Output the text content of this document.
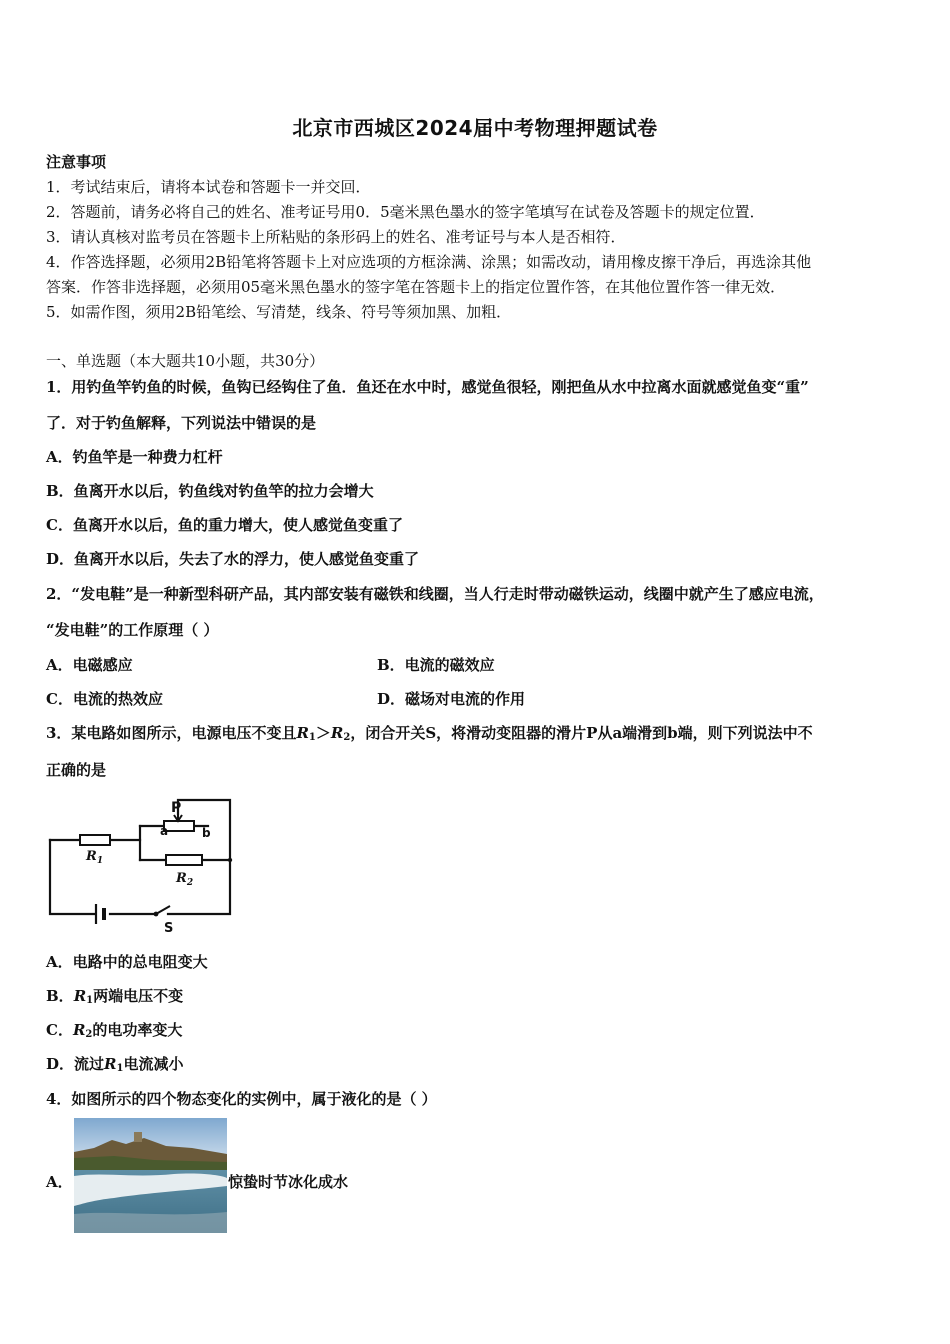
北京市西城区2024届中考物理押题试卷
注意事项
1．考试结束后，请将本试卷和答题卡一并交回．
2．答题前，请务必将自己的姓名、准考证号用0．5毫米黑色墨水的签字笔填写在试卷及答题卡的规定位置．
3．请认真核对监考员在答题卡上所粘贴的条形码上的姓名、准考证号与本人是否相符．
4．作答选择题，必须用2B铅笔将答题卡上对应选项的方框涂满、涂黑；如需改动，请用橡皮擦干净后，再选涂其他
答案．作答非选择题，必须用05毫米黑色墨水的签字笔在答题卡上的指定位置作答，在其他位置作答一律无效．
5．如需作图，须用2B铅笔绘、写清楚，线条、符号等须加黑、加粗．
一、单选题（本大题共10小题，共30分）
1．用钓鱼竿钓鱼的时候，鱼钩已经钩住了鱼．鱼还在水中时，感觉鱼很轻，刚把鱼从水中拉离水面就感觉鱼变“重”
了．对于钓鱼解释，下列说法中错误的是
A．钓鱼竿是一种费力杠杆
B．鱼离开水以后，钓鱼线对钓鱼竿的拉力会增大
C．鱼离开水以后，鱼的重力增大，使人感觉鱼变重了
D．鱼离开水以后，失去了水的浮力，使人感觉鱼变重了
2．“发电鞋”是一种新型科研产品，其内部安装有磁铁和线圈，当人行走时带动磁铁运动，线圈中就产生了感应电流，
“发电鞋”的工作原理（ ）
A．电磁感应	B．电流的磁效应
C．电流的热效应	D．磁场对电流的作用
3．某电路如图所示，电源电压不变且$R_1>R_2$，闭合开关S，将滑动变阻器的滑片P从a端滑到b端，则下列说法中不
正确的是
P
a	b
$R_1$
$R_2$
S
A．电路中的总电阻变大
B．$R_1$两端电压不变
C．$R_2$的电功率变大
D．流过$R_1$电流减小
4．如图所示的四个物态变化的实例中，属于液化的是（ ）
A．	惊蛰时节冰化成水
